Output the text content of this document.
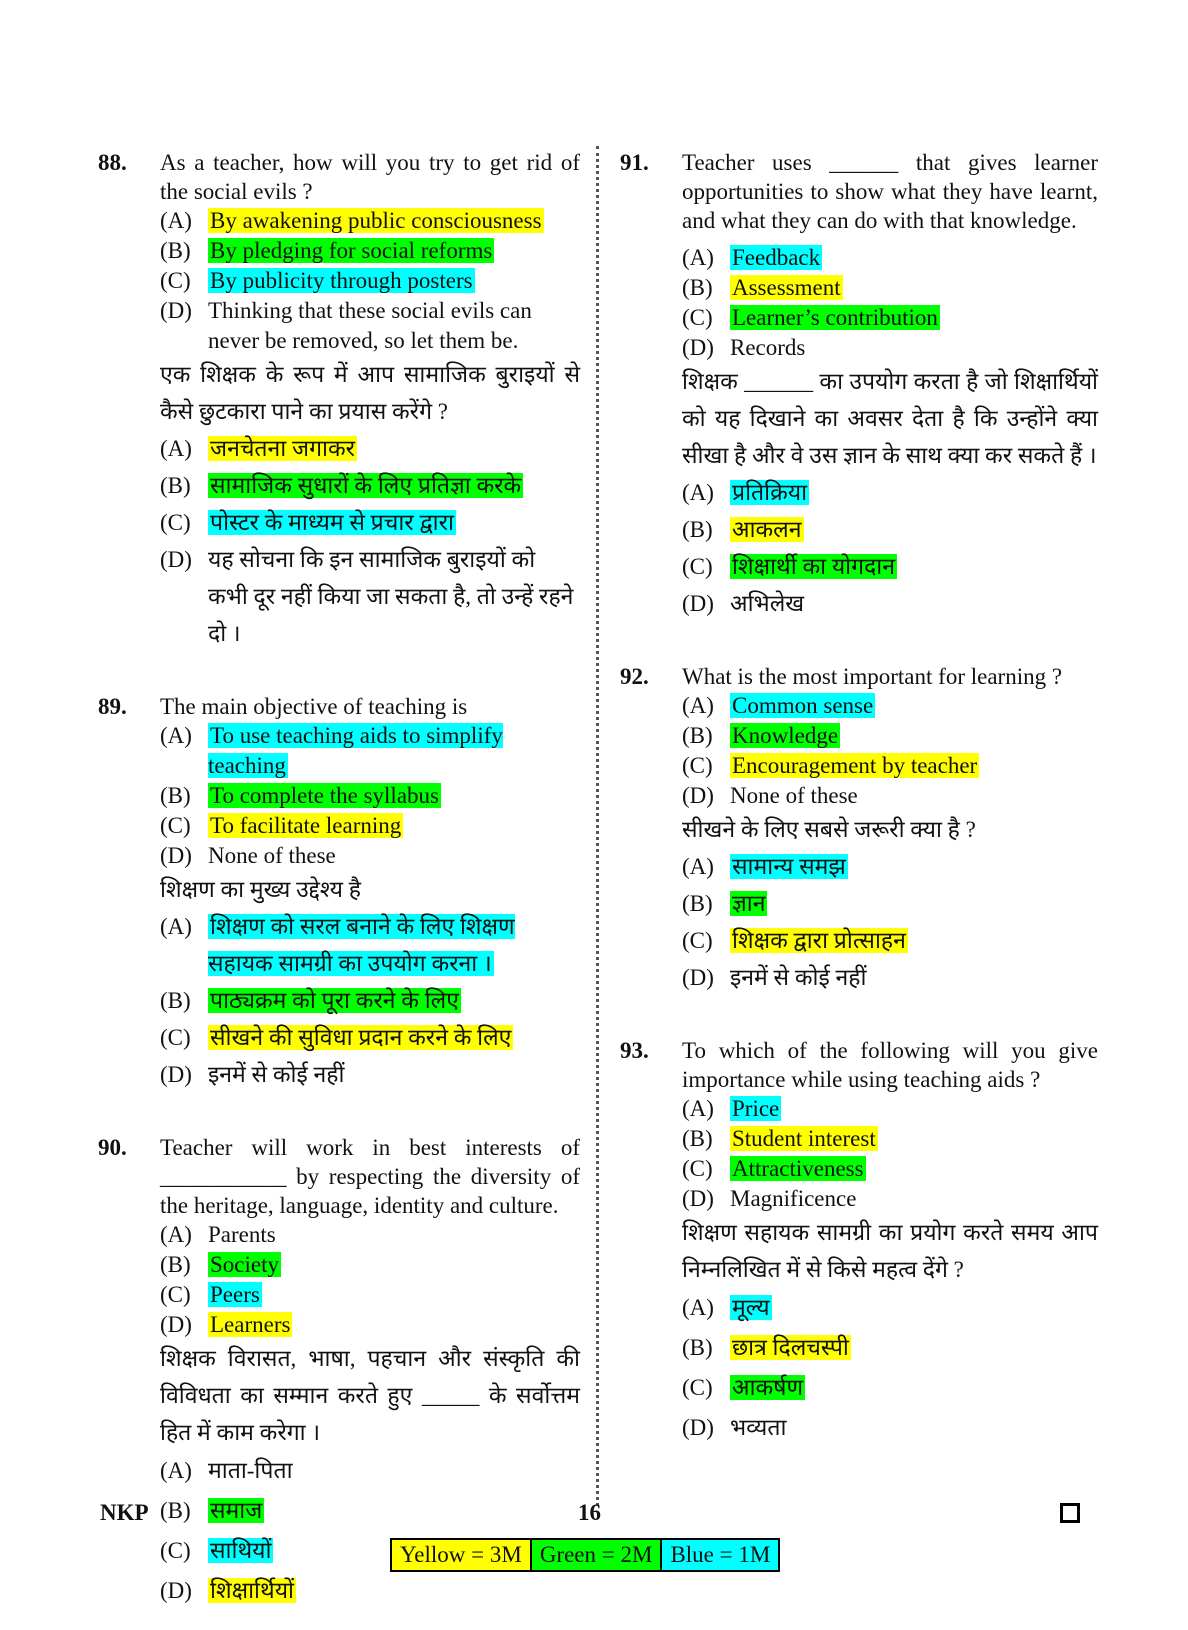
88. As a teacher, how will you try to get rid of the social evils ?
(A) By awakening public consciousness
(B) By pledging for social reforms
(C) By publicity through posters
(D) Thinking that these social evils can never be removed, so let them be.
एक शिक्षक के रूप में आप सामाजिक बुराइयों से कैसे छुटकारा पाने का प्रयास करेंगे ?
(A) जनचेतना जगाकर
(B) सामाजिक सुधारों के लिए प्रतिज्ञा करके
(C) पोस्टर के माध्यम से प्रचार द्वारा
(D) यह सोचना कि इन सामाजिक बुराइयों को कभी दूर नहीं किया जा सकता है, तो उन्हें रहने दो ।
89. The main objective of teaching is
(A) To use teaching aids to simplify teaching
(B) To complete the syllabus
(C) To facilitate learning
(D) None of these
शिक्षण का मुख्य उद्देश्य है
(A) शिक्षण को सरल बनाने के लिए शिक्षण सहायक सामग्री का उपयोग करना ।
(B) पाठ्यक्रम को पूरा करने के लिए
(C) सीखने की सुविधा प्रदान करने के लिए
(D) इनमें से कोई नहीं
90. Teacher will work in best interests of ___________ by respecting the diversity of the heritage, language, identity and culture.
(A) Parents
(B) Society
(C) Peers
(D) Learners
शिक्षक विरासत, भाषा, पहचान और संस्कृति की विविधता का सम्मान करते हुए _____ के सर्वोत्तम हित में काम करेगा ।
(A) माता-पिता
(B) समाज
(C) साथियों
(D) शिक्षार्थियों
91. Teacher uses ______ that gives learner opportunities to show what they have learnt, and what they can do with that knowledge.
(A) Feedback
(B) Assessment
(C) Learner’s contribution
(D) Records
शिक्षक ______ का उपयोग करता है जो शिक्षार्थियों को यह दिखाने का अवसर देता है कि उन्होंने क्या सीखा है और वे उस ज्ञान के साथ क्या कर सकते हैं ।
(A) प्रतिक्रिया
(B) आकलन
(C) शिक्षार्थी का योगदान
(D) अभिलेख
92. What is the most important for learning ?
(A) Common sense
(B) Knowledge
(C) Encouragement by teacher
(D) None of these
सीखने के लिए सबसे जरूरी क्या है ?
(A) सामान्य समझ
(B) ज्ञान
(C) शिक्षक द्वारा प्रोत्साहन
(D) इनमें से कोई नहीं
93. To which of the following will you give importance while using teaching aids ?
(A) Price
(B) Student interest
(C) Attractiveness
(D) Magnificence
शिक्षण सहायक सामग्री का प्रयोग करते समय आप निम्नलिखित में से किसे महत्व देंगे ?
(A) मूल्य
(B) छात्र दिलचस्पी
(C) आकर्षण
(D) भव्यता
NKP	16
Yellow = 3M Green = 2M Blue = 1M
